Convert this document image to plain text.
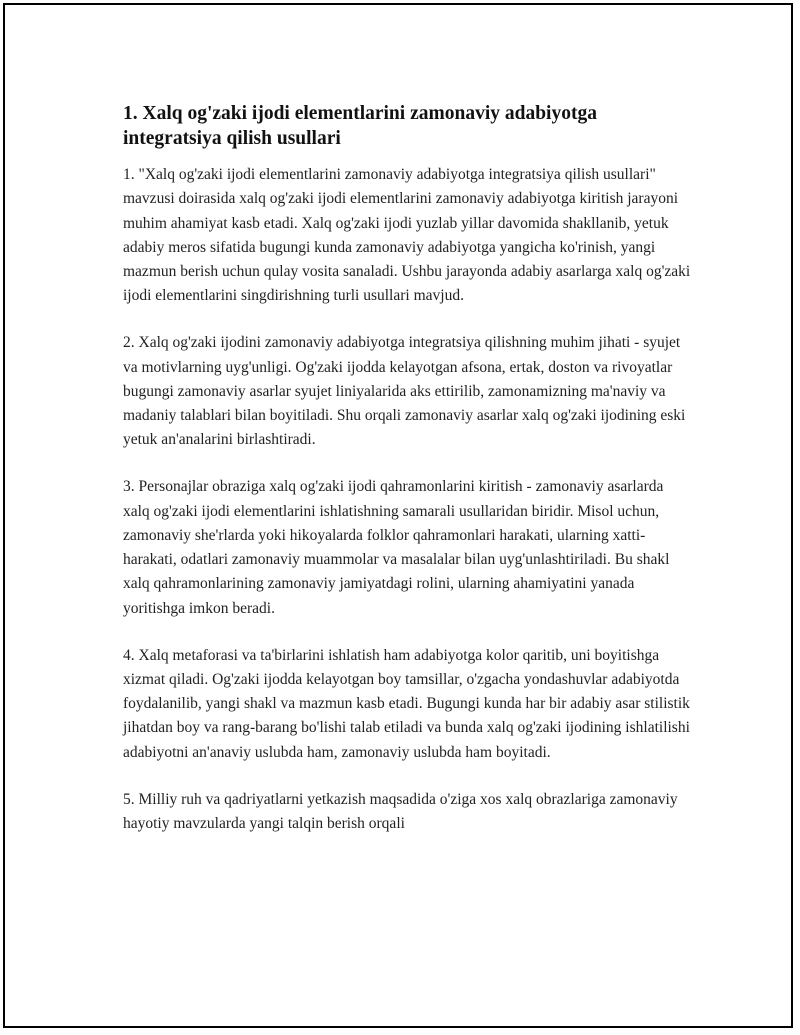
1. Xalq og'zaki ijodi elementlarini zamonaviy adabiyotga integratsiya qilish usullari

1. "Xalq og'zaki ijodi elementlarini zamonaviy adabiyotga integratsiya qilish usullari" mavzusi doirasida xalq og'zaki ijodi elementlarini zamonaviy adabiyotga kiritish jarayoni muhim ahamiyat kasb etadi. Xalq og'zaki ijodi yuzlab yillar davomida shakllanib, yetuk adabiy meros sifatida bugungi kunda zamonaviy adabiyotga yangicha ko'rinish, yangi mazmun berish uchun qulay vosita sanaladi. Ushbu jarayonda adabiy asarlarga xalq og'zaki ijodi elementlarini singdirishning turli usullari mavjud.

2. Xalq og'zaki ijodini zamonaviy adabiyotga integratsiya qilishning muhim jihati - syujet va motivlarning uyg'unligi. Og'zaki ijodda kelayotgan afsona, ertak, doston va rivoyatlar bugungi zamonaviy asarlar syujet liniyalarida aks ettirilib, zamonamizning ma'naviy va madaniy talablari bilan boyitiladi. Shu orqali zamonaviy asarlar xalq og'zaki ijodining eski yetuk an'analarini birlashtiradi.

3. Personajlar obraziga xalq og'zaki ijodi qahramonlarini kiritish - zamonaviy asarlarda xalq og'zaki ijodi elementlarini ishlatishning samarali usullaridan biridir. Misol uchun, zamonaviy she'rlarda yoki hikoyalarda folklor qahramonlari harakati, ularning xatti-harakati, odatlari zamonaviy muammolar va masalalar bilan uyg'unlashtiriladi. Bu shakl xalq qahramonlarining zamonaviy jamiyatdagi rolini, ularning ahamiyatini yanada yoritishga imkon beradi.

4. Xalq metaforasi va ta'birlarini ishlatish ham adabiyotga kolor qaritib, uni boyitishga xizmat qiladi. Og'zaki ijodda kelayotgan boy tamsillar, o'zgacha yondashuvlar adabiyotda foydalanilib, yangi shakl va mazmun kasb etadi. Bugungi kunda har bir adabiy asar stilistik jihatdan boy va rang-barang bo'lishi talab etiladi va bunda xalq og'zaki ijodining ishlatilishi adabiyotni an'anaviy uslubda ham, zamonaviy uslubda ham boyitadi.

5. Milliy ruh va qadriyatlarni yetkazish maqsadida o'ziga xos xalq obrazlariga zamonaviy hayotiy mavzularda yangi talqin berish orqali
